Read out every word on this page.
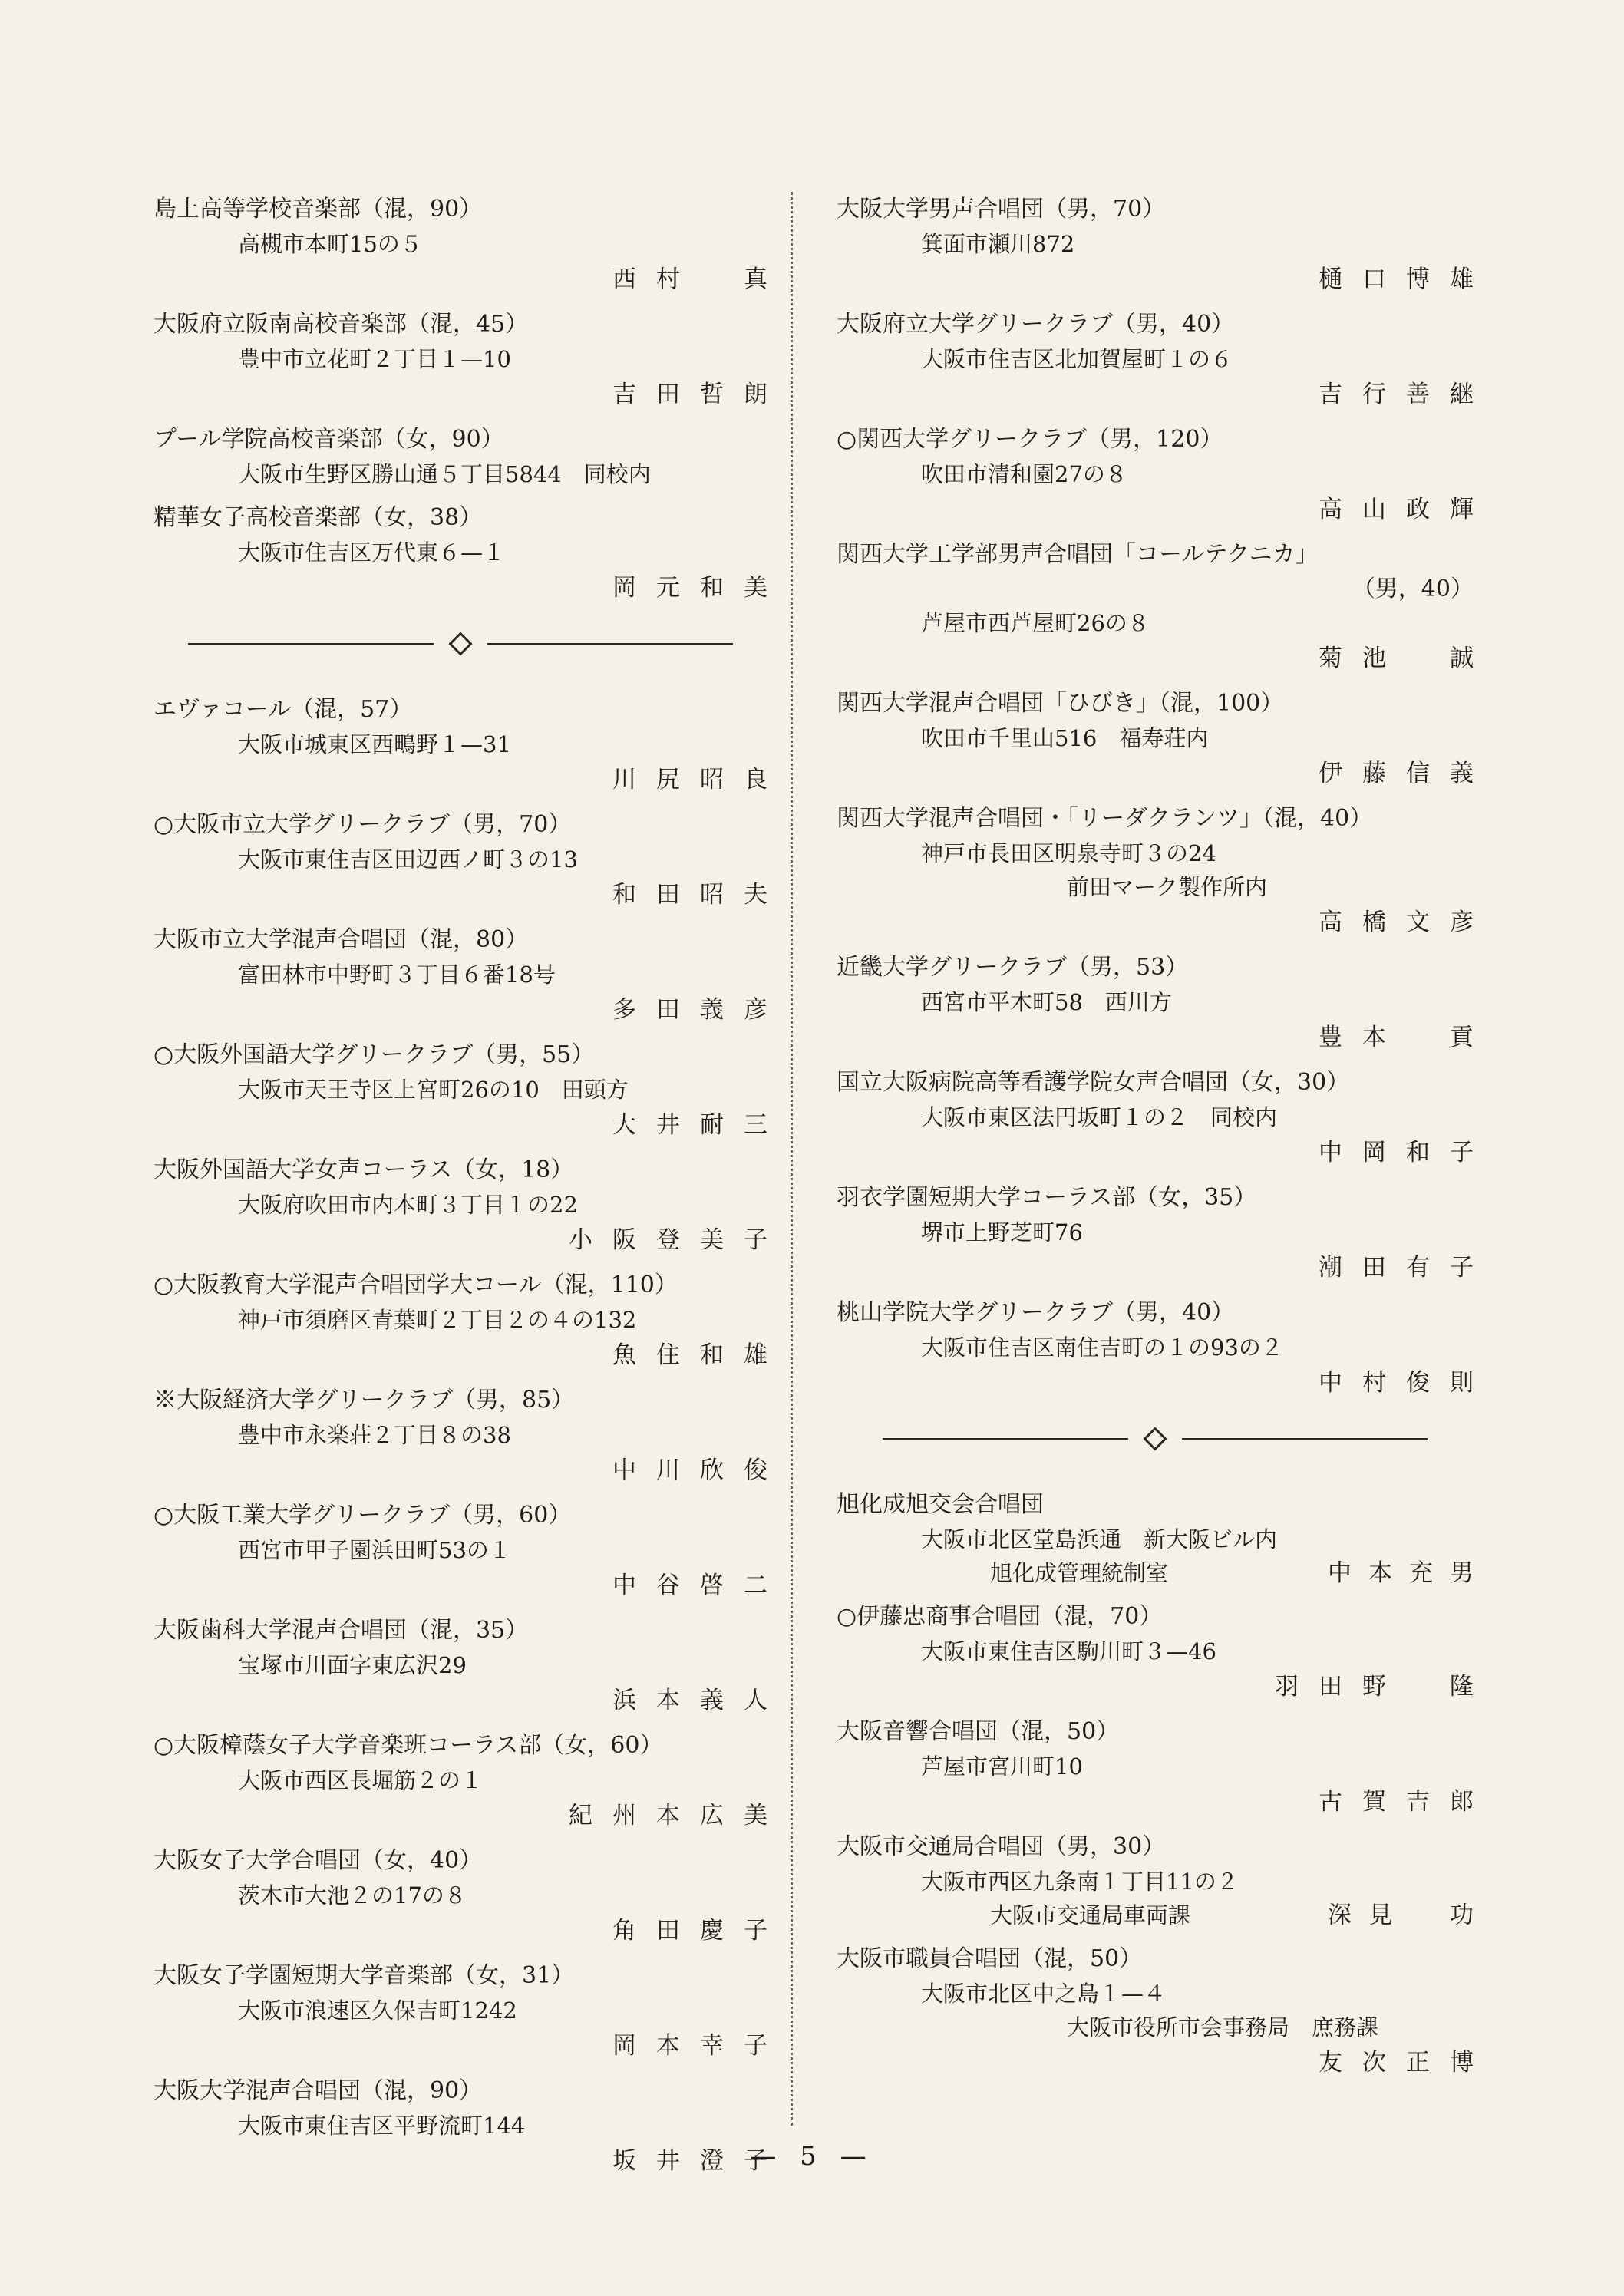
島上高等学校音楽部（混，90）
高槻市本町15の５
西村　真
大阪府立阪南高校音楽部（混，45）
豊中市立花町２丁目１—10
吉田哲朗
プール学院高校音楽部（女，90）
大阪市生野区勝山通５丁目5844　同校内
精華女子高校音楽部（女，38）
大阪市住吉区万代東６—１
岡元和美
エヴァコール（混，57）
大阪市城東区西鴫野１—31
川尻昭良
○大阪市立大学グリークラブ（男，70）
大阪市東住吉区田辺西ノ町３の13
和田昭夫
大阪市立大学混声合唱団（混，80）
富田林市中野町３丁目６番18号
多田義彦
○大阪外国語大学グリークラブ（男，55）
大阪市天王寺区上宮町26の10　田頭方
大井耐三
大阪外国語大学女声コーラス（女，18）
大阪府吹田市内本町３丁目１の22
小阪登美子
○大阪教育大学混声合唱団学大コール（混，110）
神戸市須磨区青葉町２丁目２の４の132
魚住和雄
※大阪経済大学グリークラブ（男，85）
豊中市永楽荘２丁目８の38
中川欣俊
○大阪工業大学グリークラブ（男，60）
西宮市甲子園浜田町53の１
中谷啓二
大阪歯科大学混声合唱団（混，35）
宝塚市川面字東広沢29
浜本義人
○大阪樟蔭女子大学音楽班コーラス部（女，60）
大阪市西区長堀筋２の１
紀州本広美
大阪女子大学合唱団（女，40）
茨木市大池２の17の８
角田慶子
大阪女子学園短期大学音楽部（女，31）
大阪市浪速区久保吉町1242
岡本幸子
大阪大学混声合唱団（混，90）
大阪市東住吉区平野流町144
坂井澄子
大阪大学男声合唱団（男，70）
箕面市瀬川872
樋口博雄
大阪府立大学グリークラブ（男，40）
大阪市住吉区北加賀屋町１の６
吉行善継
○関西大学グリークラブ（男，120）
吹田市清和園27の８
高山政輝
関西大学工学部男声合唱団「コールテクニカ」
（男，40）
芦屋市西芦屋町26の８
菊池　誠
関西大学混声合唱団「ひびき」（混，100）
吹田市千里山516　福寿荘内
伊藤信義
関西大学混声合唱団・「リーダクランツ」（混，40）
神戸市長田区明泉寺町３の24
前田マーク製作所内
高橋文彦
近畿大学グリークラブ（男，53）
西宮市平木町58　西川方
豊本　貢
国立大阪病院高等看護学院女声合唱団（女，30）
大阪市東区法円坂町１の２　同校内
中岡和子
羽衣学園短期大学コーラス部（女，35）
堺市上野芝町76
潮田有子
桃山学院大学グリークラブ（男，40）
大阪市住吉区南住吉町の１の93の２
中村俊則
旭化成旭交会合唱団
大阪市北区堂島浜通　新大阪ビル内
旭化成管理統制室	中本充男
○伊藤忠商事合唱団（混，70）
大阪市東住吉区駒川町３—46
羽田野　隆
大阪音響合唱団（混，50）
芦屋市宮川町10
古賀吉郎
大阪市交通局合唱団（男，30）
大阪市西区九条南１丁目11の２
大阪市交通局車両課	深見　功
大阪市職員合唱団（混，50）
大阪市北区中之島１—４
大阪市役所市会事務局　庶務課
友次正博
— 5 —
